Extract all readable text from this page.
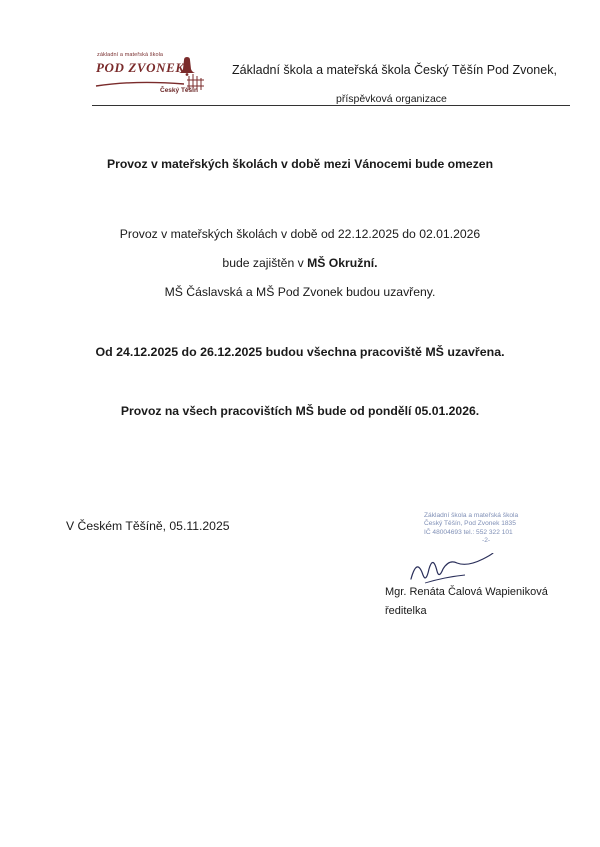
základní a mateřská škola
POD ZVONEK
Český Těšín
Základní škola a mateřská škola Český Těšín Pod Zvonek,
příspěvková organizace
Provoz v mateřských školách v době mezi Vánocemi bude omezen
Provoz v mateřských školách v době od 22.12.2025 do 02.01.2026
bude zajištěn v MŠ Okružní.
MŠ Čáslavská a MŠ Pod Zvonek budou uzavřeny.
Od 24.12.2025 do 26.12.2025 budou všechna pracoviště MŠ uzavřena.
Provoz na všech pracovištích MŠ bude od pondělí 05.01.2026.
V Českém Těšíně, 05.11.2025
Základní škola a mateřská škola
Český Těšín, Pod Zvonek 1835
IČ 48004693 tel.: 552 322 101
-2-
Mgr. Renáta Čalová Wapieniková
ředitelka
